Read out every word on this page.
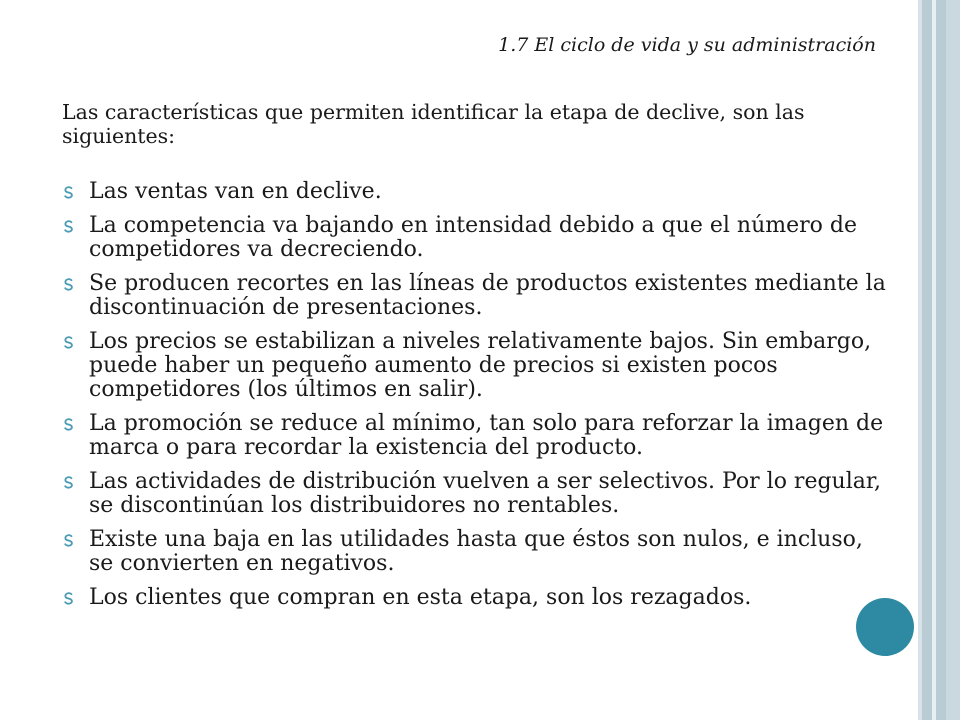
1.7 El ciclo de vida y su administración
Las características que permiten identificar la etapa de declive, son las siguientes:
Las ventas van en declive.
La competencia va bajando en intensidad debido a que el número de competidores va decreciendo.
Se producen recortes en las líneas de productos existentes mediante la discontinuación de presentaciones.
Los precios se estabilizan a niveles relativamente bajos. Sin embargo, puede haber un pequeño aumento de precios si existen pocos competidores (los últimos en salir).
La promoción se reduce al mínimo, tan solo para reforzar la imagen de marca o para recordar la existencia del producto.
Las actividades de distribución vuelven a ser selectivos. Por lo regular, se discontinúan los distribuidores no rentables.
Existe una baja en las utilidades hasta que éstos son nulos, e incluso, se convierten en negativos.
Los clientes que compran en esta etapa, son los rezagados.
